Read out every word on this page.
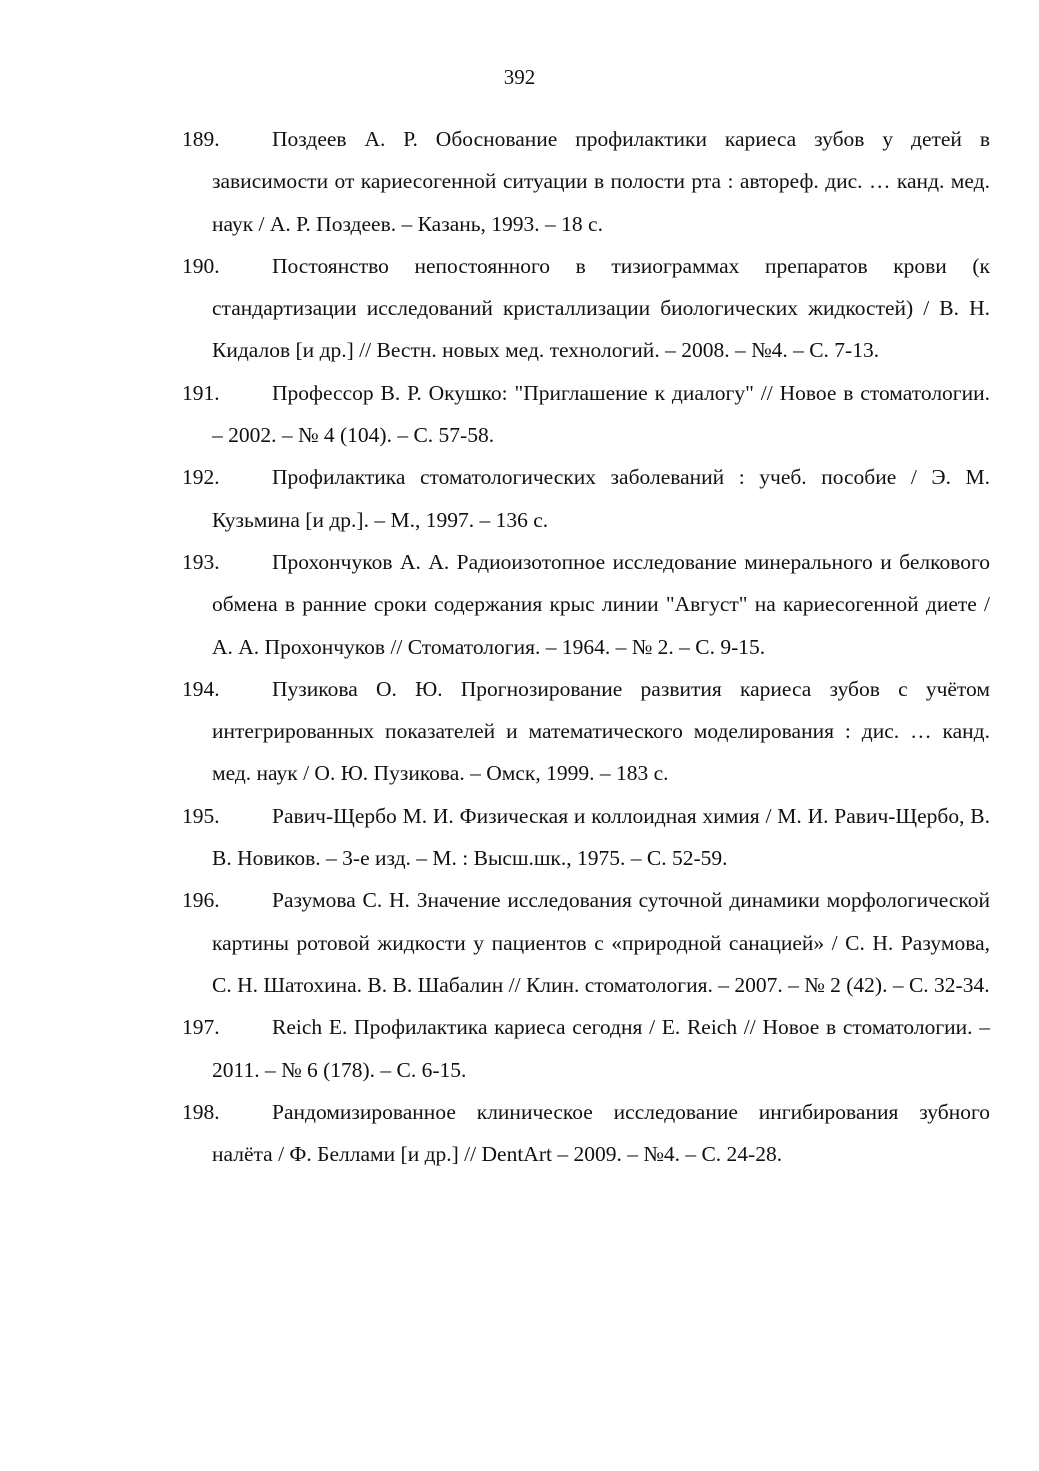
392
189.	Поздеев А. Р. Обоснование профилактики кариеса зубов у детей в зависимости от кариесогенной ситуации в полости рта : автореф. дис. … канд. мед. наук / А. Р. Поздеев. – Казань, 1993. – 18 с.
190.	Постоянство непостоянного в тизиограммах препаратов крови (к стандартизации исследований кристаллизации биологических жидкостей) / В. Н. Кидалов [и др.] // Вестн. новых мед. технологий. – 2008. – №4. – С. 7-13.
191.	Профессор В. Р. Окушко: "Приглашение к диалогу" // Новое в стоматологии. – 2002. – № 4 (104). – С. 57-58.
192.	Профилактика стоматологических заболеваний : учеб. пособие / Э. М. Кузьмина [и др.]. – М., 1997. – 136 с.
193.	Прохончуков А. А. Радиоизотопное исследование минерального и белкового обмена в ранние сроки содержания крыс линии "Август" на кариесогенной диете / А. А. Прохончуков // Стоматология. – 1964. – № 2. – С. 9-15.
194.	Пузикова О. Ю. Прогнозирование развития кариеса зубов с учётом интегрированных показателей и математического моделирования : дис. … канд. мед. наук / О. Ю. Пузикова. – Омск, 1999. – 183 с.
195.	Равич-Щербо М. И. Физическая и коллоидная химия / М. И. Равич-Щербо, В. В. Новиков. – 3-е изд. – М. : Высш.шк., 1975. – С. 52-59.
196.	Разумова С. Н. Значение исследования суточной динамики морфологической картины ротовой жидкости у пациентов с «природной санацией» / С. Н. Разумова, С. Н. Шатохина. В. В. Шабалин // Клин. стоматология. – 2007. – № 2 (42). – С. 32-34.
197.	Reich E. Профилактика кариеса сегодня / E. Reich // Новое в стоматологии. – 2011. – № 6 (178). – С. 6-15.
198.	Рандомизированное клиническое исследование ингибирования зубного налёта / Ф. Беллами [и др.] // DentArt – 2009. – №4. – С. 24-28.
